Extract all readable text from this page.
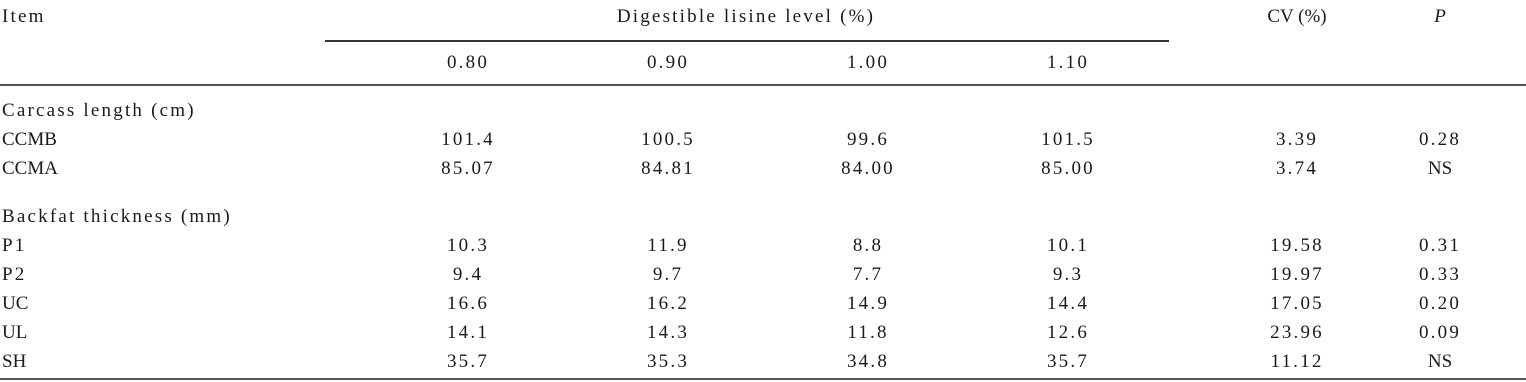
Item	Digestible lisine level (%)	CV (%)	P
0.80	0.90	1.00	1.10
Carcass length (cm)
CCMB	101.4	100.5	99.6	101.5	3.39	0.28
CCMA	85.07	84.81	84.00	85.00	3.74	NS
Backfat thickness (mm)
P1	10.3	11.9	8.8	10.1	19.58	0.31
P2	9.4	9.7	7.7	9.3	19.97	0.33
UC	16.6	16.2	14.9	14.4	17.05	0.20
UL	14.1	14.3	11.8	12.6	23.96	0.09
SH	35.7	35.3	34.8	35.7	11.12	NS
